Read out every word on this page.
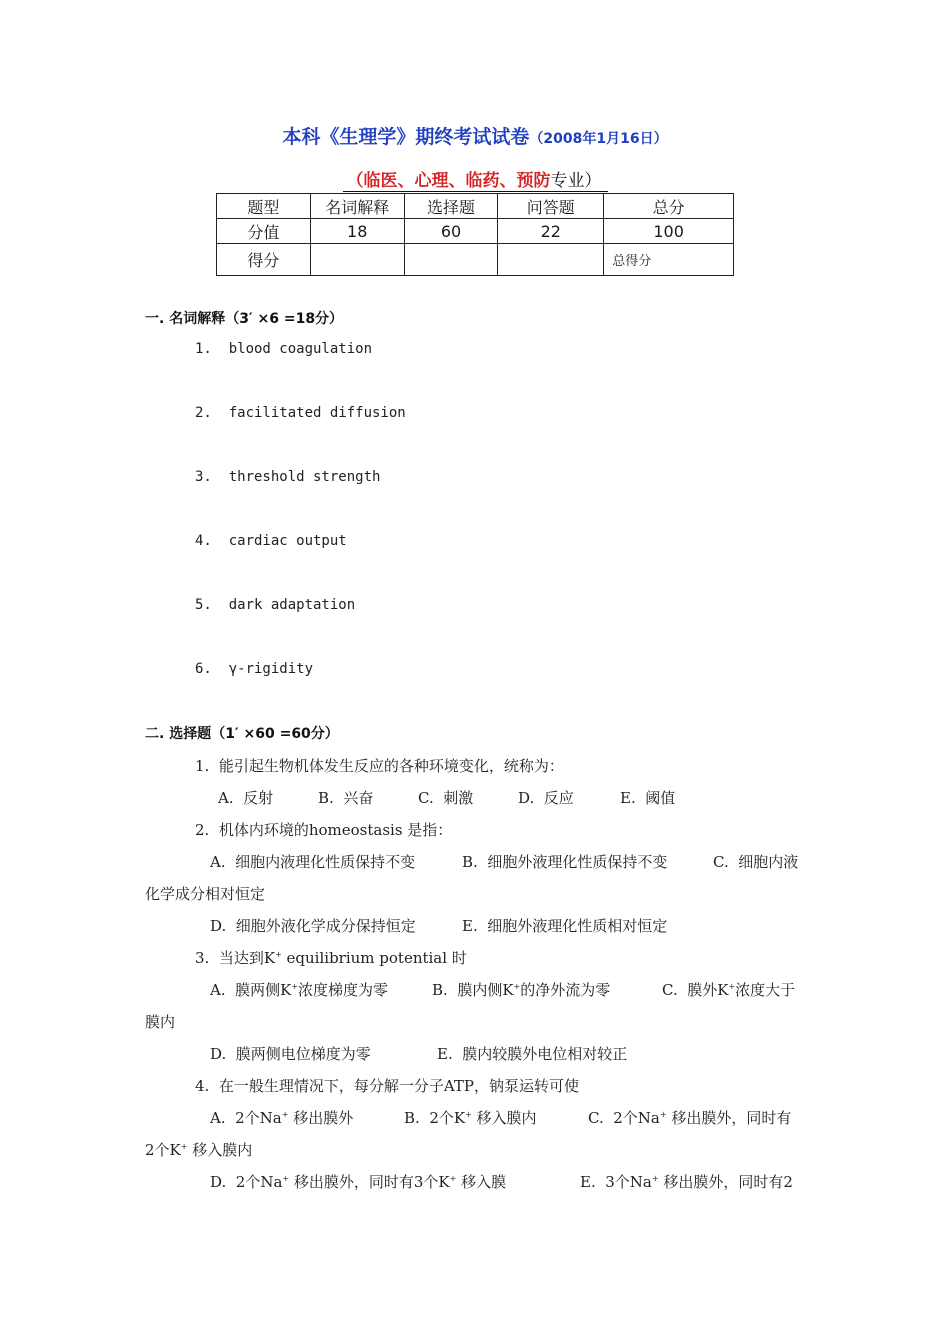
本科《生理学》期终考试试卷（2008年1月16日）
（临医、心理、临药、预防专业）
题型	名词解释	选择题	问答题	总分
分值	18	60	22	100
得分				总得分
一. 名词解释（3′ ×6 =18分）
1.  blood coagulation
2.  facilitated diffusion
3.  threshold strength
4.  cardiac output
5.  dark adaptation
6.  γ-rigidity
二. 选择题（1′ ×60 =60分）
1.  能引起生物机体发生反应的各种环境变化，统称为：
A.  反射	B.  兴奋	C.  刺激	D.  反应	E.  阈值
2.  机体内环境的homeostasis 是指：
A.  细胞内液理化性质保持不变	B.  细胞外液理化性质保持不变	C.  细胞内液
化学成分相对恒定
D.  细胞外液化学成分保持恒定	E.  细胞外液理化性质相对恒定
3.  当达到K+ equilibrium potential 时
A.  膜两侧K+浓度梯度为零	B.  膜内侧K+的净外流为零	C.  膜外K+浓度大于
膜内
D.  膜两侧电位梯度为零	E.  膜内较膜外电位相对较正
4.  在一般生理情况下，每分解一分子ATP，钠泵运转可使
A.  2个Na+ 移出膜外	B.  2个K+ 移入膜内	C.  2个Na+ 移出膜外，同时有
2个K+ 移入膜内
D.  2个Na+ 移出膜外，同时有3个K+ 移入膜	E.  3个Na+ 移出膜外，同时有2
